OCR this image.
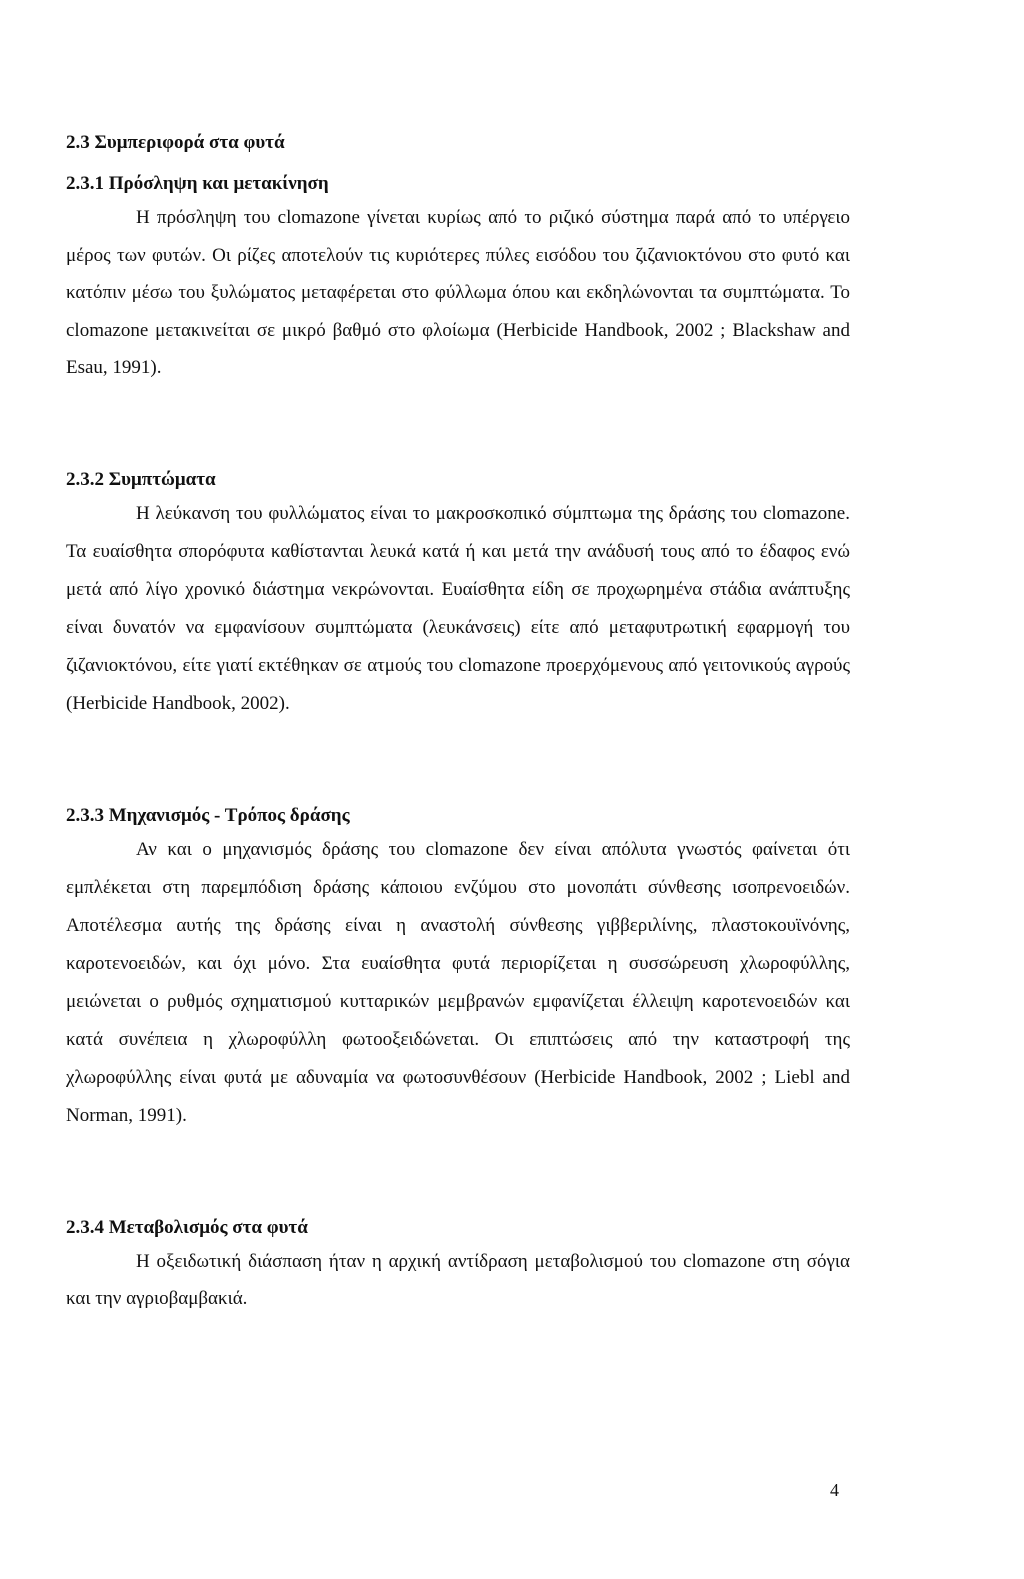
2.3 Συμπεριφορά στα φυτά
2.3.1 Πρόσληψη και μετακίνηση

Η πρόσληψη του clomazone γίνεται κυρίως από το ριζικό σύστημα παρά από το υπέργειο μέρος των φυτών. Οι ρίζες αποτελούν τις κυριότερες πύλες εισόδου του ζιζανιοκτόνου στο φυτό και κατόπιν μέσω του ξυλώματος μεταφέρεται στο φύλλωμα όπου και εκδηλώνονται τα συμπτώματα. Το clomazone μετακινείται σε μικρό βαθμό στο φλοίωμα (Herbicide Handbook, 2002 ; Blackshaw and Esau, 1991).

2.3.2 Συμπτώματα

Η λεύκανση του φυλλώματος είναι το μακροσκοπικό σύμπτωμα της δράσης του clomazone. Τα ευαίσθητα σπορόφυτα καθίστανται λευκά κατά ή και μετά την ανάδυσή τους από το έδαφος ενώ μετά από λίγο χρονικό διάστημα νεκρώνονται. Ευαίσθητα είδη σε προχωρημένα στάδια ανάπτυξης είναι δυνατόν να εμφανίσουν συμπτώματα (λευκάνσεις) είτε από μεταφυτρωτική εφαρμογή του ζιζανιοκτόνου, είτε γιατί εκτέθηκαν σε ατμούς του clomazone προερχόμενους από γειτονικούς αγρούς (Herbicide Handbook, 2002).

2.3.3 Μηχανισμός - Τρόπος δράσης

Αν και ο μηχανισμός δράσης του clomazone δεν είναι απόλυτα γνωστός φαίνεται ότι εμπλέκεται στη παρεμπόδιση δράσης κάποιου ενζύμου στο μονοπάτι σύνθεσης ισοπρενοειδών. Αποτέλεσμα αυτής της δράσης είναι η αναστολή σύνθεσης γιββεριλίνης, πλαστοκουϊνόνης, καροτενοειδών, και όχι μόνο. Στα ευαίσθητα φυτά περιορίζεται η συσσώρευση χλωροφύλλης, μειώνεται ο ρυθμός σχηματισμού κυτταρικών μεμβρανών εμφανίζεται έλλειψη καροτενοειδών και κατά συνέπεια η χλωροφύλλη φωτοοξειδώνεται. Οι επιπτώσεις από την καταστροφή της χλωροφύλλης είναι φυτά με αδυναμία να φωτοσυνθέσουν (Herbicide Handbook, 2002 ; Liebl and Norman, 1991).

2.3.4 Μεταβολισμός στα φυτά

Η οξειδωτική διάσπαση ήταν η αρχική αντίδραση μεταβολισμού του clomazone στη σόγια και την αγριοβαμβακιά.

4
